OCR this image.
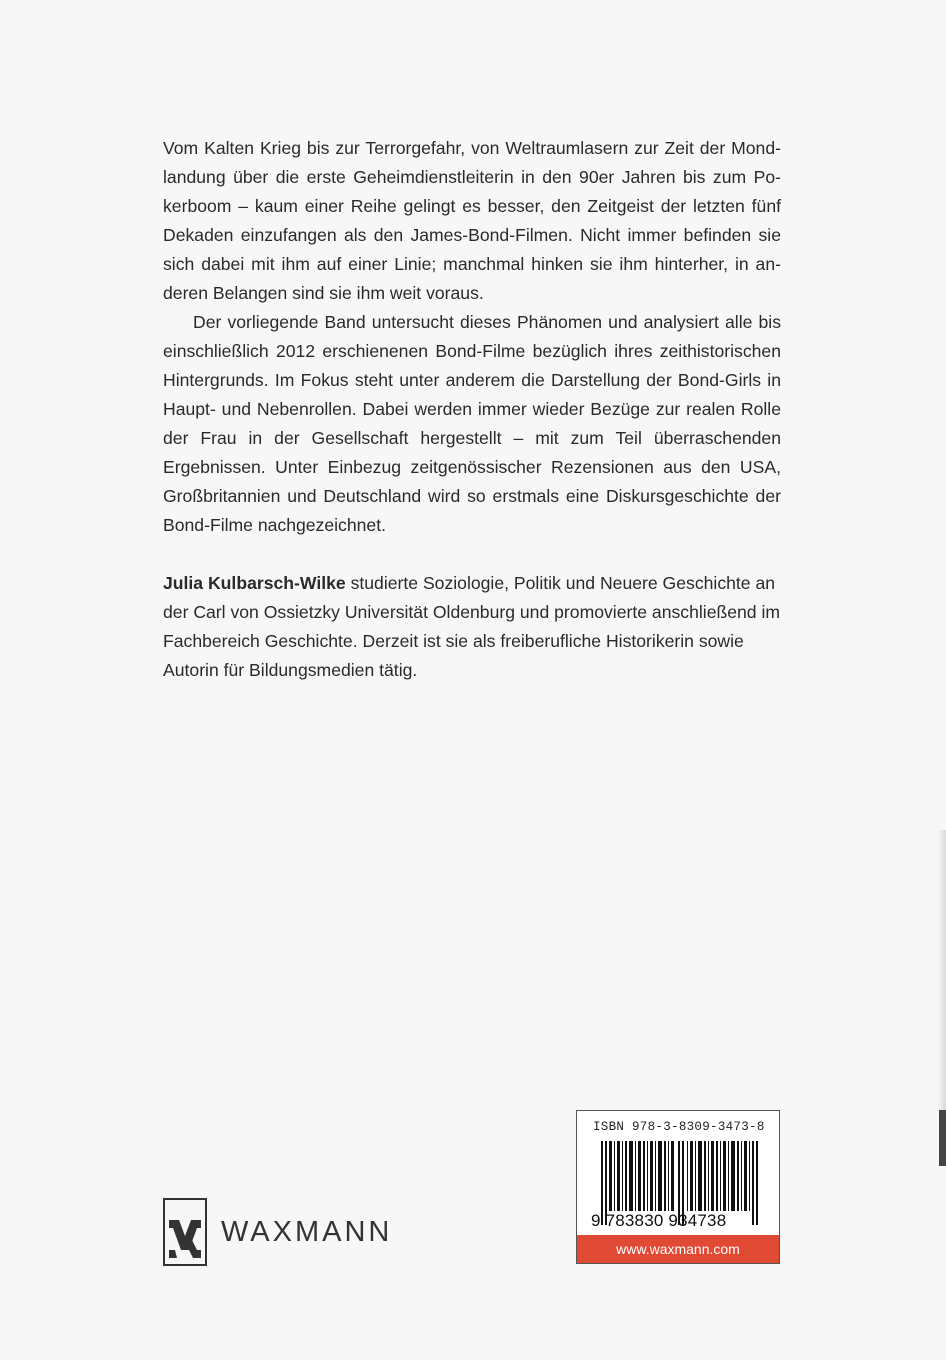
Vom Kalten Krieg bis zur Terrorgefahr, von Weltraumlasern zur Zeit der Mondlandung über die erste Geheimdienstleiterin in den 90er Jahren bis zum Pokerboom – kaum einer Reihe gelingt es besser, den Zeitgeist der letzten fünf Dekaden einzufangen als den James-Bond-Filmen. Nicht immer befinden sie sich dabei mit ihm auf einer Linie; manchmal hinken sie ihm hinterher, in anderen Belangen sind sie ihm weit voraus.

Der vorliegende Band untersucht dieses Phänomen und analysiert alle bis einschließlich 2012 erschienenen Bond-Filme bezüglich ihres zeithistorischen Hintergrunds. Im Fokus steht unter anderem die Darstellung der Bond-Girls in Haupt- und Nebenrollen. Dabei werden immer wieder Bezüge zur realen Rolle der Frau in der Gesellschaft hergestellt – mit zum Teil überraschenden Ergebnissen. Unter Einbezug zeitgenössischer Rezensionen aus den USA, Großbritannien und Deutschland wird so erstmals eine Diskursgeschichte der Bond-Filme nachgezeichnet.

Julia Kulbarsch-Wilke studierte Soziologie, Politik und Neuere Geschichte an der Carl von Ossietzky Universität Oldenburg und promovierte anschließend im Fachbereich Geschichte. Derzeit ist sie als freiberufliche Historikerin sowie Autorin für Bildungsmedien tätig.

WAXMANN
ISBN 978-3-8309-3473-8
9 783830 934738
www.waxmann.com
